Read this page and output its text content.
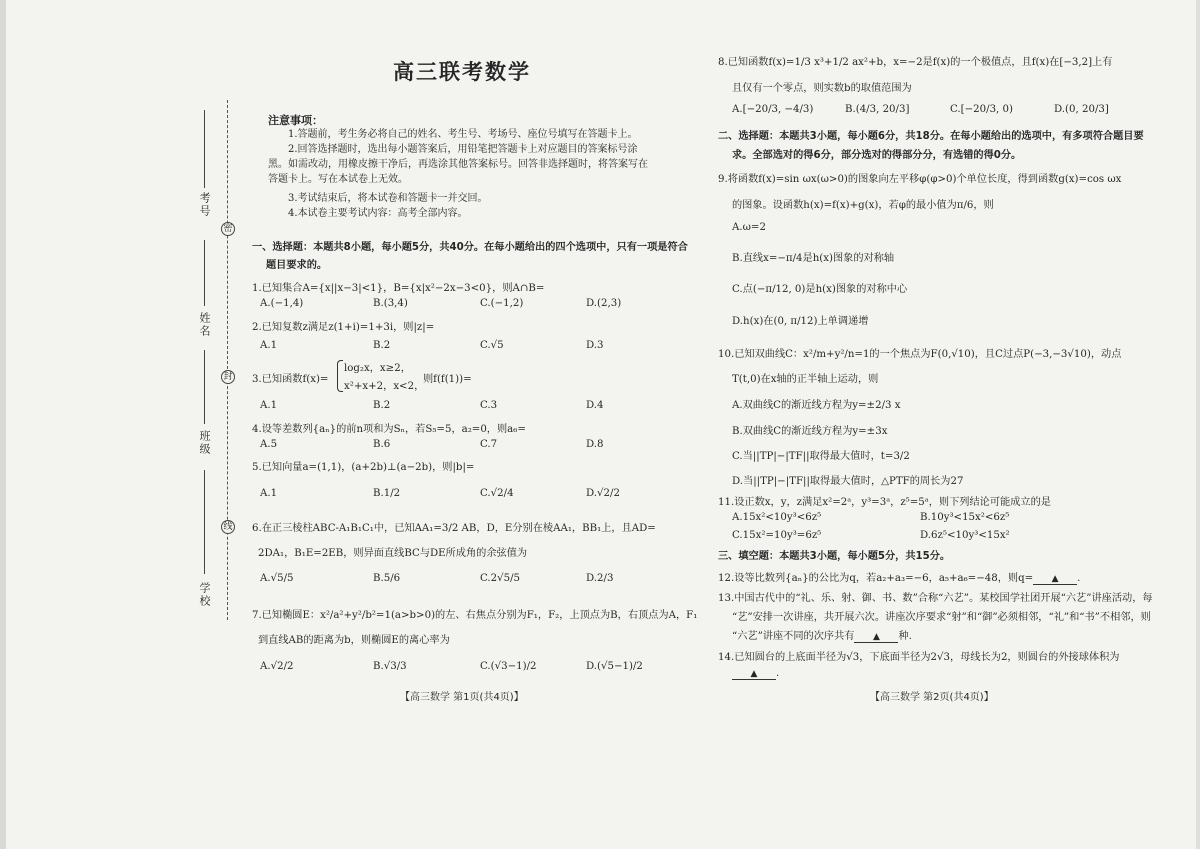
考号
姓名
班级
学校
密
封
线
高三联考数学
注意事项：
1.答题前，考生务必将自己的姓名、考生号、考场号、座位号填写在答题卡上。
2.回答选择题时，选出每小题答案后，用铅笔把答题卡上对应题目的答案标号涂
黑。如需改动，用橡皮擦干净后，再选涂其他答案标号。回答非选择题时，将答案写在
答题卡上。写在本试卷上无效。
3.考试结束后，将本试卷和答题卡一并交回。
4.本试卷主要考试内容：高考全部内容。
一、选择题：本题共8小题，每小题5分，共40分。在每小题给出的四个选项中，只有一项是符合
题目要求的。
1.已知集合A={x||x−3|<1}，B={x|x²−2x−3<0}，则A∩B=
A.(−1,4)	B.(3,4)	C.(−1,2)	D.(2,3)
2.已知复数z满足z(1+i)=1+3i，则|z|=
A.1	B.2	C.√5	D.3
3.已知函数f(x)=
log₂x，x≥2，
x²+x+2，x<2，
则f(f(1))=
A.1	B.2	C.3	D.4
4.设等差数列{aₙ}的前n项和为Sₙ，若S₅=5，a₂=0，则a₆=
A.5	B.6	C.7	D.8
5.已知向量a=(1,1)，(a+2b)⊥(a−2b)，则|b|=
A.1	B.1/2	C.√2/4	D.√2/2
6.在正三棱柱ABC-A₁B₁C₁中，已知AA₁=3/2 AB，D，E分别在棱AA₁，BB₁上，且AD=
2DA₁，B₁E=2EB，则异面直线BC与DE所成角的余弦值为
A.√5/5	B.5/6	C.2√5/5	D.2/3
7.已知椭圆E：x²/a²+y²/b²=1(a>b>0)的左、右焦点分别为F₁，F₂，上顶点为B，右顶点为A，F₁
到直线AB的距离为b，则椭圆E的离心率为
A.√2/2	B.√3/3	C.(√3−1)/2	D.(√5−1)/2
【高三数学 第1页(共4页)】
8.已知函数f(x)=1/3 x³+1/2 ax²+b，x=−2是f(x)的一个极值点，且f(x)在[−3,2]上有
且仅有一个零点，则实数b的取值范围为
A.[−20/3, −4/3)	B.(4/3, 20/3]	C.[−20/3, 0)	D.(0, 20/3]
二、选择题：本题共3小题，每小题6分，共18分。在每小题给出的选项中，有多项符合题目要
求。全部选对的得6分，部分选对的得部分分，有选错的得0分。
9.将函数f(x)=sin ωx(ω>0)的图象向左平移φ(φ>0)个单位长度，得到函数g(x)=cos ωx
的图象。设函数h(x)=f(x)+g(x)，若φ的最小值为π/6，则
A.ω=2
B.直线x=−π/4是h(x)图象的对称轴
C.点(−π/12, 0)是h(x)图象的对称中心
D.h(x)在(0, π/12)上单调递增
10.已知双曲线C：x²/m+y²/n=1的一个焦点为F(0,√10)，且C过点P(−3,−3√10)，动点
T(t,0)在x轴的正半轴上运动，则
A.双曲线C的渐近线方程为y=±2/3 x
B.双曲线C的渐近线方程为y=±3x
C.当||TP|−|TF||取得最大值时，t=3/2
D.当||TP|−|TF||取得最大值时，△PTF的周长为27
11.设正数x，y，z满足x²=2ᵃ，y³=3ᵃ，z⁵=5ᵃ，则下列结论可能成立的是
A.15x²<10y³<6z⁵	B.10y³<15x²<6z⁵
C.15x²=10y³=6z⁵	D.6z⁵<10y³<15x²
三、填空题：本题共3小题，每小题5分，共15分。
12.设等比数列{aₙ}的公比为q，若a₂+a₃=−6，a₅+a₆=−48，则q= ▲ .
13.中国古代中的“礼、乐、射、御、书、数”合称“六艺”。某校国学社团开展“六艺”讲座活动，每
“艺”安排一次讲座，共开展六次。讲座次序要求“射”和“御”必须相邻，“礼”和“书”不相邻，则
“六艺”讲座不同的次序共有 ▲ 种.
14.已知圆台的上底面半径为√3，下底面半径为2√3，母线长为2，则圆台的外接球体积为
▲ .
【高三数学 第2页(共4页)】
